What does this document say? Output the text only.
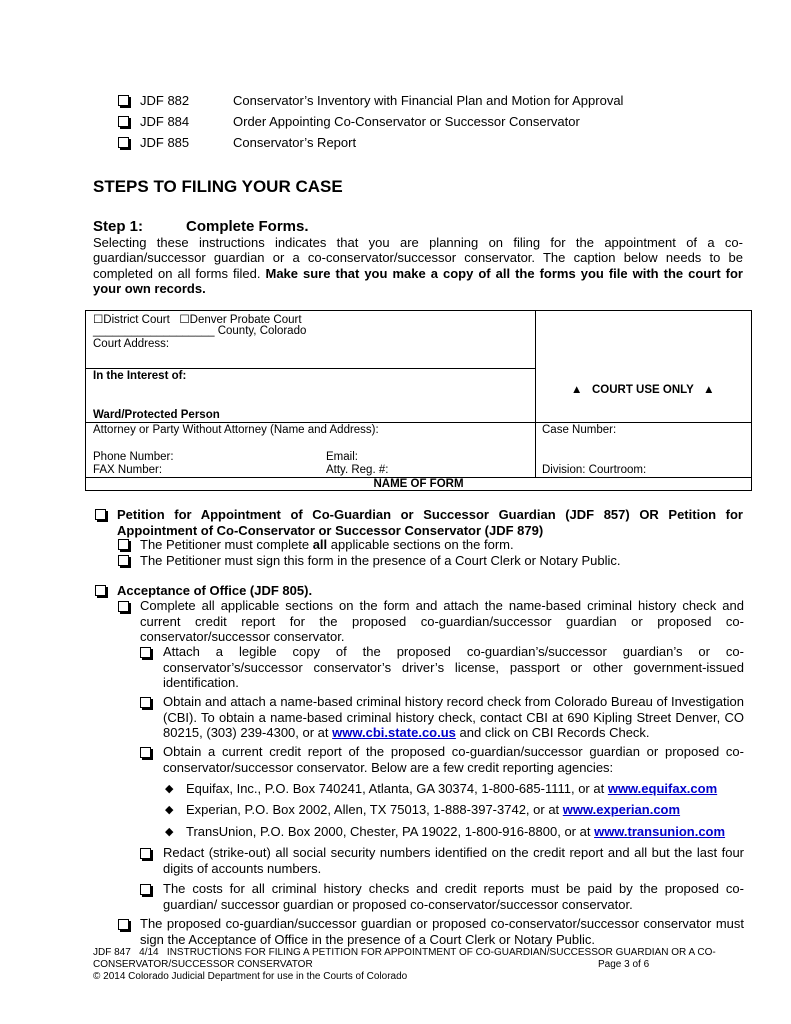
JDF 882	Conservator’s Inventory with Financial Plan and Motion for Approval
JDF 884	Order Appointing Co-Conservator or Successor Conservator
JDF 885	Conservator’s Report
STEPS TO FILING YOUR CASE
Step 1:	Complete Forms.
Selecting these instructions indicates that you are planning on filing for the appointment of a co-guardian/successor guardian or a co-conservator/successor conservator. The caption below needs to be completed on all forms filed. Make sure that you make a copy of all the forms you file with the court for your own records.
☐District Court   ☐Denver Probate Court
___________________ County, Colorado
Court Address:
In the Interest of:
Ward/Protected Person
▲   COURT USE ONLY   ▲
Attorney or Party Without Attorney (Name and Address):
Phone Number:	Email:
FAX Number:	Atty. Reg. #:
Case Number:
Division: Courtroom:
NAME OF FORM
Petition for Appointment of Co-Guardian or Successor Guardian (JDF 857) OR Petition for Appointment of Co-Conservator or Successor Conservator (JDF 879)
The Petitioner must complete all applicable sections on the form.
The Petitioner must sign this form in the presence of a Court Clerk or Notary Public.
Acceptance of Office (JDF 805).
Complete all applicable sections on the form and attach the name-based criminal history check and current credit report for the proposed co-guardian/successor guardian or proposed co-conservator/successor conservator.
Attach a legible copy of the proposed co-guardian’s/successor guardian’s or co-conservator’s/successor conservator’s driver’s license, passport or other government-issued identification.
Obtain and attach a name-based criminal history record check from Colorado Bureau of Investigation (CBI). To obtain a name-based criminal history check, contact CBI at 690 Kipling Street Denver, CO 80215, (303) 239-4300, or at www.cbi.state.co.us and click on CBI Records Check.
Obtain a current credit report of the proposed co-guardian/successor guardian or proposed co-conservator/successor conservator. Below are a few credit reporting agencies:
◆ Equifax, Inc., P.O. Box 740241, Atlanta, GA 30374, 1-800-685-1111, or at www.equifax.com
◆ Experian, P.O. Box 2002, Allen, TX 75013, 1-888-397-3742, or at www.experian.com
◆ TransUnion, P.O. Box 2000, Chester, PA 19022, 1-800-916-8800, or at www.transunion.com
Redact (strike-out) all social security numbers identified on the credit report and all but the last four digits of accounts numbers.
The costs for all criminal history checks and credit reports must be paid by the proposed co-guardian/ successor guardian or proposed co-conservator/successor conservator.
The proposed co-guardian/successor guardian or proposed co-conservator/successor conservator must sign the Acceptance of Office in the presence of a Court Clerk or Notary Public.
JDF 847   4/14   INSTRUCTIONS FOR FILING A PETITION FOR APPOINTMENT OF CO-GUARDIAN/SUCCESSOR GUARDIAN OR A CO-
CONSERVATOR/SUCCESSOR CONSERVATOR	Page 3 of 6
© 2014 Colorado Judicial Department for use in the Courts of Colorado
